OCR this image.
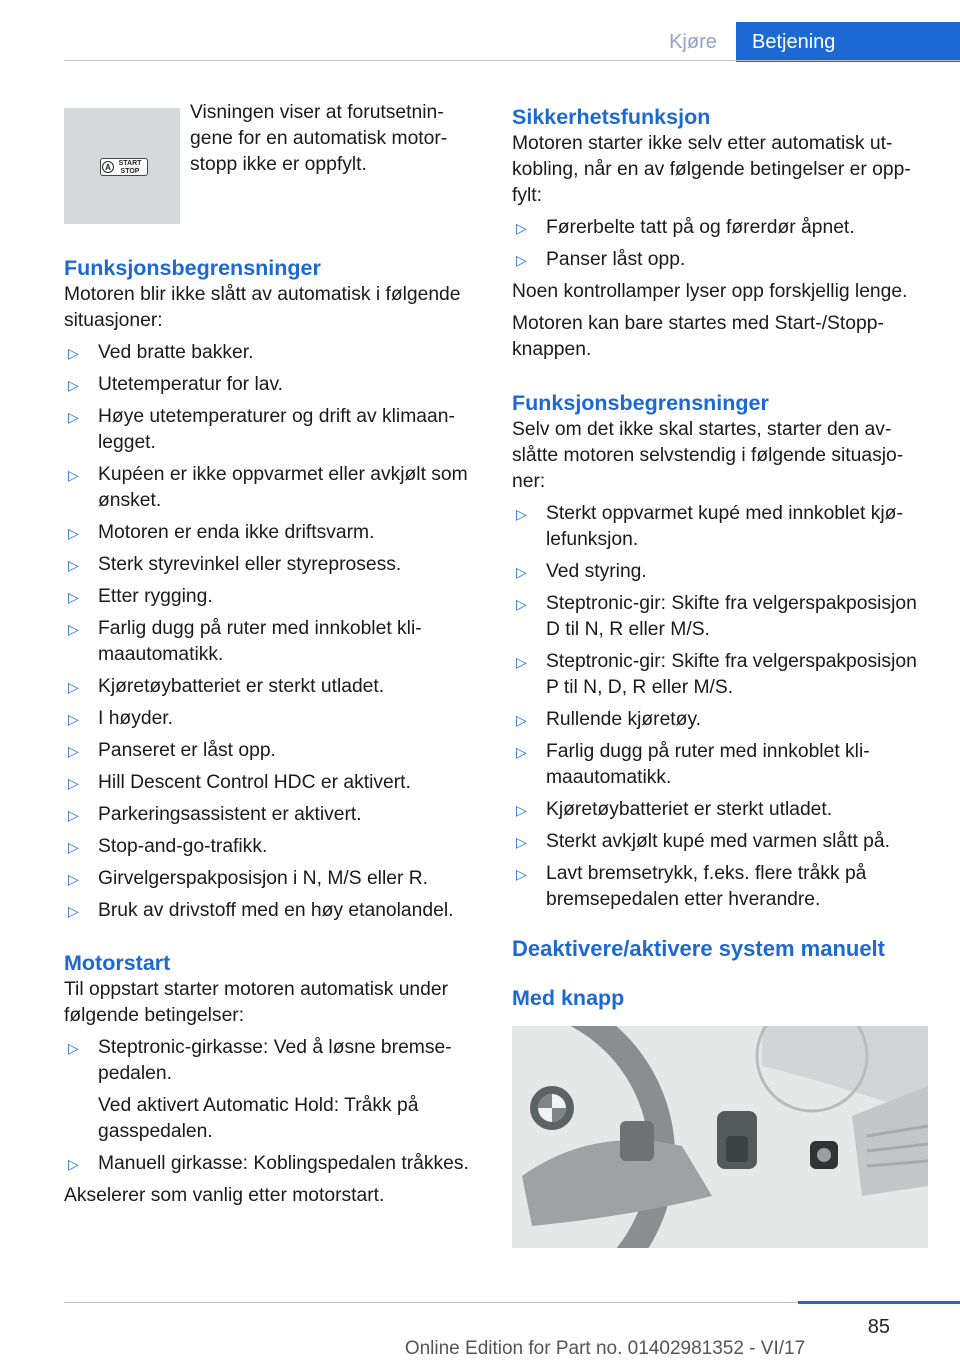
Kjøre	Betjening
A	START STOP

Visningen viser at forutsetningene for en automatisk motorstopp ikke er oppfylt.

Funksjonsbegrensninger

Motoren blir ikke slått av automatisk i følgende situasjoner:

▷ Ved bratte bakker.
▷ Utetemperatur for lav.
▷ Høye utetemperaturer og drift av klimaanlegget.
▷ Kupéen er ikke oppvarmet eller avkjølt som ønsket.
▷ Motoren er enda ikke driftsvarm.
▷ Sterk styrevinkel eller styreprosess.
▷ Etter rygging.
▷ Farlig dugg på ruter med innkoblet klimaautomatikk.
▷ Kjøretøybatteriet er sterkt utladet.
▷ I høyder.
▷ Panseret er låst opp.
▷ Hill Descent Control HDC er aktivert.
▷ Parkeringsassistent er aktivert.
▷ Stop-and-go-trafikk.
▷ Girvelgerspakposisjon i N, M/S eller R.
▷ Bruk av drivstoff med en høy etanolandel.
Motorstart

Til oppstart starter motoren automatisk under følgende betingelser:

▷ Steptronic-girkasse: Ved å løsne bremsepedalen.
Ved aktivert Automatic Hold: Tråkk på gasspedalen.
▷ Manuell girkasse: Koblingspedalen tråkkes.

Akselerer som vanlig etter motorstart.

Sikkerhetsfunksjon

Motoren starter ikke selv etter automatisk utkobling, når en av følgende betingelser er oppfylt:

▷ Førerbelte tatt på og førerdør åpnet.
▷ Panser låst opp.

Noen kontrollamper lyser opp forskjellig lenge.

Motoren kan bare startes med Start-/Stopp-knappen.

Funksjonsbegrensninger

Selv om det ikke skal startes, starter den avslåtte motoren selvstendig i følgende situasjoner:

▷ Sterkt oppvarmet kupé med innkoblet kjølefunksjon.
▷ Ved styring.
▷ Steptronic-gir: Skifte fra velgerspakposisjon D til N, R eller M/S.
▷ Steptronic-gir: Skifte fra velgerspakposisjon P til N, D, R eller M/S.
▷ Rullende kjøretøy.
▷ Farlig dugg på ruter med innkoblet klimaautomatikk.
▷ Kjøretøybatteriet er sterkt utladet.
▷ Sterkt avkjølt kupé med varmen slått på.
▷ Lavt bremsetrykk, f.eks. flere tråkk på bremsepedalen etter hverandre.
Deaktivere/aktivere system manuelt
Med knapp
85
Online Edition for Part no. 01402981352 - VI/17
